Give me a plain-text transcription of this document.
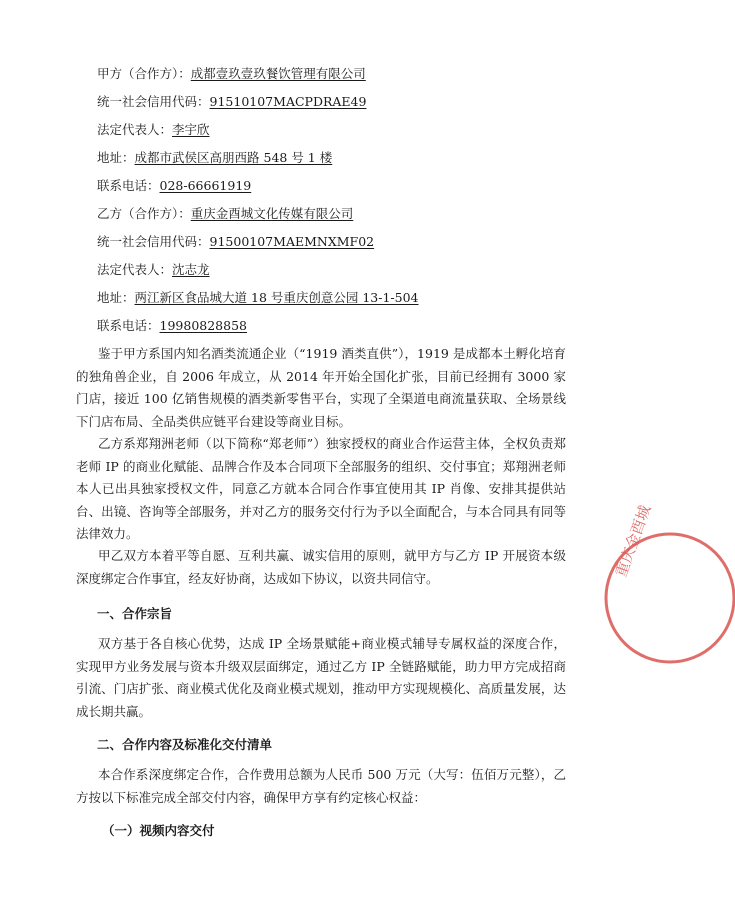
甲方（合作方）：成都壹玖壹玖餐饮管理有限公司
统一社会信用代码：91510107MACPDRAE49
法定代表人：李宇欣
地址：成都市武侯区高朋西路 548 号 1 楼
联系电话：028-66661919
乙方（合作方）：重庆金酉城文化传媒有限公司
统一社会信用代码：91500107MAEMNXMF02
法定代表人：沈志龙
地址：两江新区食品城大道 18 号重庆创意公园 13-1-504
联系电话：19980828858
鉴于甲方系国内知名酒类流通企业（“1919 酒类直供”），1919 是成都本土孵化培育的独角兽企业，自 2006 年成立，从 2014 年开始全国化扩张，目前已经拥有 3000 家门店，接近 100 亿销售规模的酒类新零售平台，实现了全渠道电商流量获取、全场景线下门店布局、全品类供应链平台建设等商业目标。
乙方系郑翔洲老师（以下简称“郑老师”）独家授权的商业合作运营主体，全权负责郑老师 IP 的商业化赋能、品牌合作及本合同项下全部服务的组织、交付事宜；郑翔洲老师本人已出具独家授权文件，同意乙方就本合同合作事宜使用其 IP 肖像、安排其提供站台、出镜、咨询等全部服务，并对乙方的服务交付行为予以全面配合，与本合同具有同等法律效力。
甲乙双方本着平等自愿、互利共赢、诚实信用的原则，就甲方与乙方 IP 开展资本级深度绑定合作事宜，经友好协商，达成如下协议，以资共同信守。
一、合作宗旨
双方基于各自核心优势，达成 IP 全场景赋能+商业模式辅导专属权益的深度合作，实现甲方业务发展与资本升级双层面绑定，通过乙方 IP 全链路赋能，助力甲方完成招商引流、门店扩张、商业模式优化及商业模式规划，推动甲方实现规模化、高质量发展，达成长期共赢。
二、合作内容及标准化交付清单
本合作系深度绑定合作，合作费用总额为人民币 500 万元（大写：伍佰万元整），乙方按以下标准完成全部交付内容，确保甲方享有约定核心权益：
（一）视频内容交付
重庆金酉城
